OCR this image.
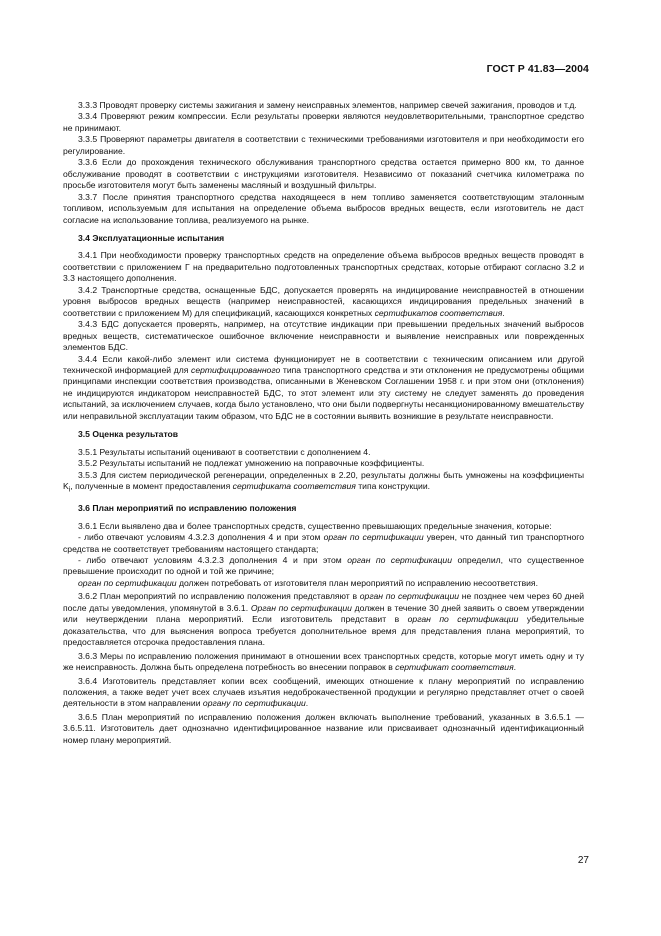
ГОСТ Р 41.83—2004

3.3.3 Проводят проверку системы зажигания и замену неисправных элементов, например свечей зажигания, проводов и т.д.

3.3.4 Проверяют режим компрессии. Если результаты проверки являются неудовлетворительными, транспортное средство не принимают.

3.3.5 Проверяют параметры двигателя в соответствии с техническими требованиями изготовителя и при необходимости его регулирование.

3.3.6 Если до прохождения технического обслуживания транспортного средства остается примерно 800 км, то данное обслуживание проводят в соответствии с инструкциями изготовителя. Независимо от показаний счетчика километража по просьбе изготовителя могут быть заменены масляный и воздушный фильтры.

3.3.7 После принятия транспортного средства находящееся в нем топливо заменяется соответствующим эталонным топливом, используемым для испытания на определение объема выбросов вредных веществ, если изготовитель не даст согласие на использование топлива, реализуемого на рынке.

3.4 Эксплуатационные испытания

3.4.1 При необходимости проверку транспортных средств на определение объема выбросов вредных веществ проводят в соответствии с приложением Г на предварительно подготовленных транспортных средствах, которые отбирают согласно 3.2 и 3.3 настоящего дополнения.

3.4.2 Транспортные средства, оснащенные БДС, допускается проверять на индицирование неисправностей в отношении уровня выбросов вредных веществ (например неисправностей, касающихся индицирования предельных значений в соответствии с приложением М) для спецификаций, касающихся конкретных сертификатов соответствия.

3.4.3 БДС допускается проверять, например, на отсутствие индикации при превышении предельных значений выбросов вредных веществ, систематическое ошибочное включение неисправности и выявление неисправных или поврежденных элементов БДС.

3.4.4 Если какой-либо элемент или система функционирует не в соответствии с техническим описанием или другой технической информацией для сертифицированного типа транспортного средства и эти отклонения не предусмотрены общими принципами инспекции соответствия производства, описанными в Женевском Соглашении 1958 г. и при этом они (отклонения) не индицируются индикатором неисправностей БДС, то этот элемент или эту систему не следует заменять до проведения испытаний, за исключением случаев, когда было установлено, что они были подвергнуты несанкционированному вмешательству или неправильной эксплуатации таким образом, что БДС не в состоянии выявить возникшие в результате неисправности.

3.5 Оценка результатов

3.5.1 Результаты испытаний оценивают в соответствии с дополнением 4.

3.5.2 Результаты испытаний не подлежат умножению на поправочные коэффициенты.

3.5.3 Для систем периодической регенерации, определенных в 2.20, результаты должны быть умножены на коэффициенты $K_i$, полученные в момент предоставления сертификата соответствия типа конструкции.

3.6 План мероприятий по исправлению положения

3.6.1 Если выявлено два и более транспортных средств, существенно превышающих предельные значения, которые:

- либо отвечают условиям 4.3.2.3 дополнения 4 и при этом орган по сертификации уверен, что данный тип транспортного средства не соответствует требованиям настоящего стандарта;

- либо отвечают условиям 4.3.2.3 дополнения 4 и при этом орган по сертификации определил, что существенное превышение происходит по одной и той же причине;

орган по сертификации должен потребовать от изготовителя план мероприятий по исправлению несоответствия.

3.6.2 План мероприятий по исправлению положения представляют в орган по сертификации не позднее чем через 60 дней после даты уведомления, упомянутой в 3.6.1. Орган по сертификации должен в течение 30 дней заявить о своем утверждении или неутверждении плана мероприятий. Если изготовитель представит в орган по сертификации убедительные доказательства, что для выяснения вопроса требуется дополнительное время для представления плана мероприятий, то предоставляется отсрочка предоставления плана.

3.6.3 Меры по исправлению положения принимают в отношении всех транспортных средств, которые могут иметь одну и ту же неисправность. Должна быть определена потребность во внесении поправок в сертификат соответствия.

3.6.4 Изготовитель представляет копии всех сообщений, имеющих отношение к плану мероприятий по исправлению положения, а также ведет учет всех случаев изъятия недоброкачественной продукции и регулярно представляет отчет о своей деятельности в этом направлении органу по сертификации.

3.6.5 План мероприятий по исправлению положения должен включать выполнение требований, указанных в 3.6.5.1 — 3.6.5.11. Изготовитель дает однозначно идентифицированное название или присваивает однозначный идентификационный номер плану мероприятий.

27
